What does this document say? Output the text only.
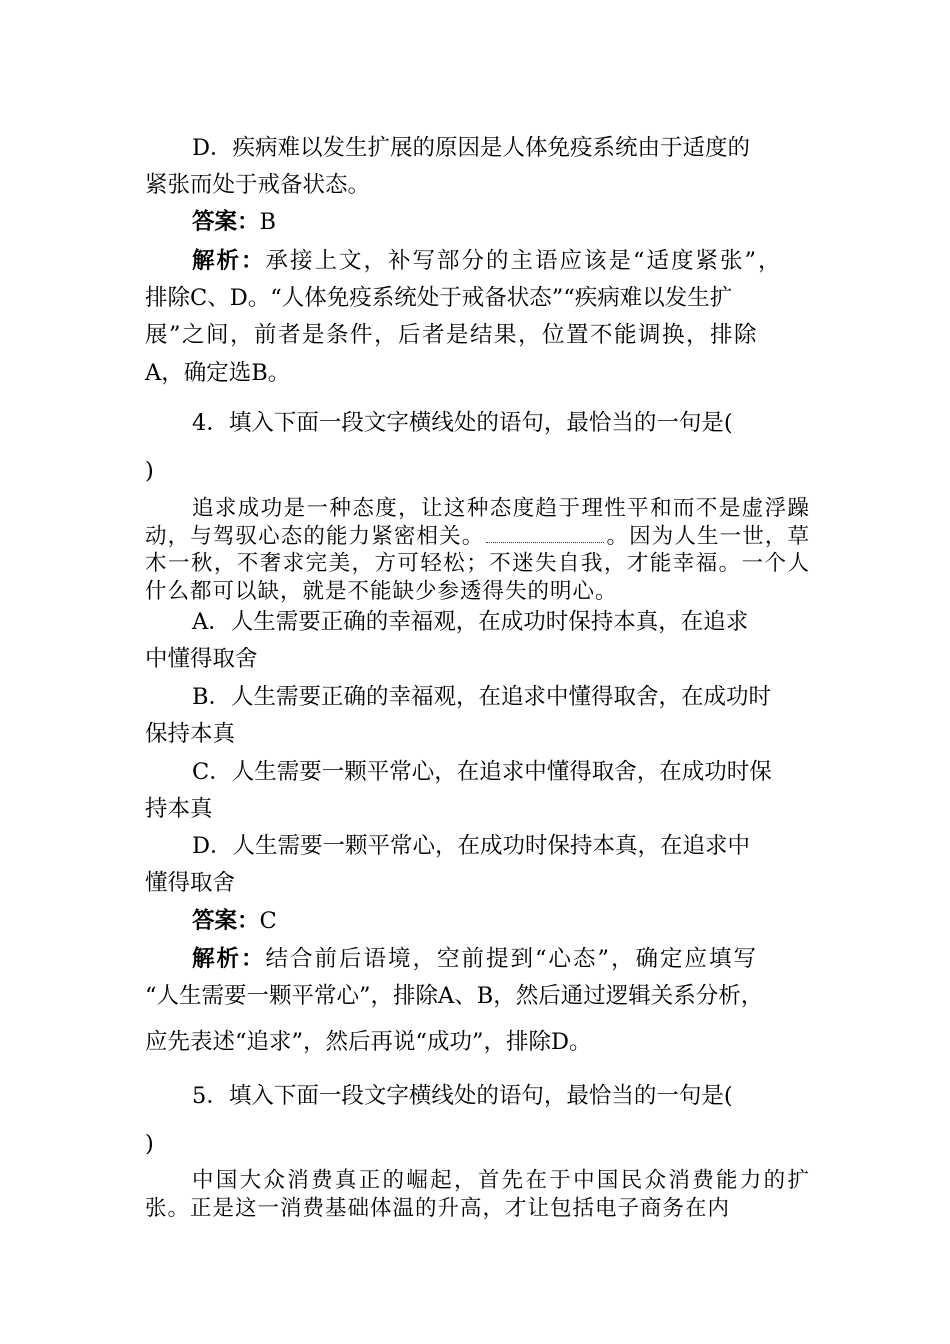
D．疾病难以发生扩展的原因是人体免疫系统由于适度的

紧张而处于戒备状态。

答案：B

解析：承接上文，补写部分的主语应该是“适度紧张”，

排除C、D。“人体免疫系统处于戒备状态”“疾病难以发生扩

展”之间，前者是条件，后者是结果，位置不能调换，排除

A，确定选B。

4．填入下面一段文字横线处的语句，最恰当的一句是(

)

追求成功是一种态度，让这种态度趋于理性平和而不是虚浮躁动，与驾驭心态的能力紧密相关。	。因为人生一世，草木一秋，不奢求完美，方可轻松；不迷失自我，才能幸福。一个人什么都可以缺，就是不能缺少参透得失的明心。

A．人生需要正确的幸福观，在成功时保持本真，在追求

中懂得取舍

B．人生需要正确的幸福观，在追求中懂得取舍，在成功时

保持本真

C．人生需要一颗平常心，在追求中懂得取舍，在成功时保

持本真

D．人生需要一颗平常心，在成功时保持本真，在追求中

懂得取舍

答案：C

解析：结合前后语境，空前提到“心态”，确定应填写

“人生需要一颗平常心”，排除A、B，然后通过逻辑关系分析，

应先表述“追求”，然后再说“成功”，排除D。

5．填入下面一段文字横线处的语句，最恰当的一句是(

)

中国大众消费真正的崛起，首先在于中国民众消费能力的扩张。正是这一消费基础体温的升高，才让包括电子商务在内
